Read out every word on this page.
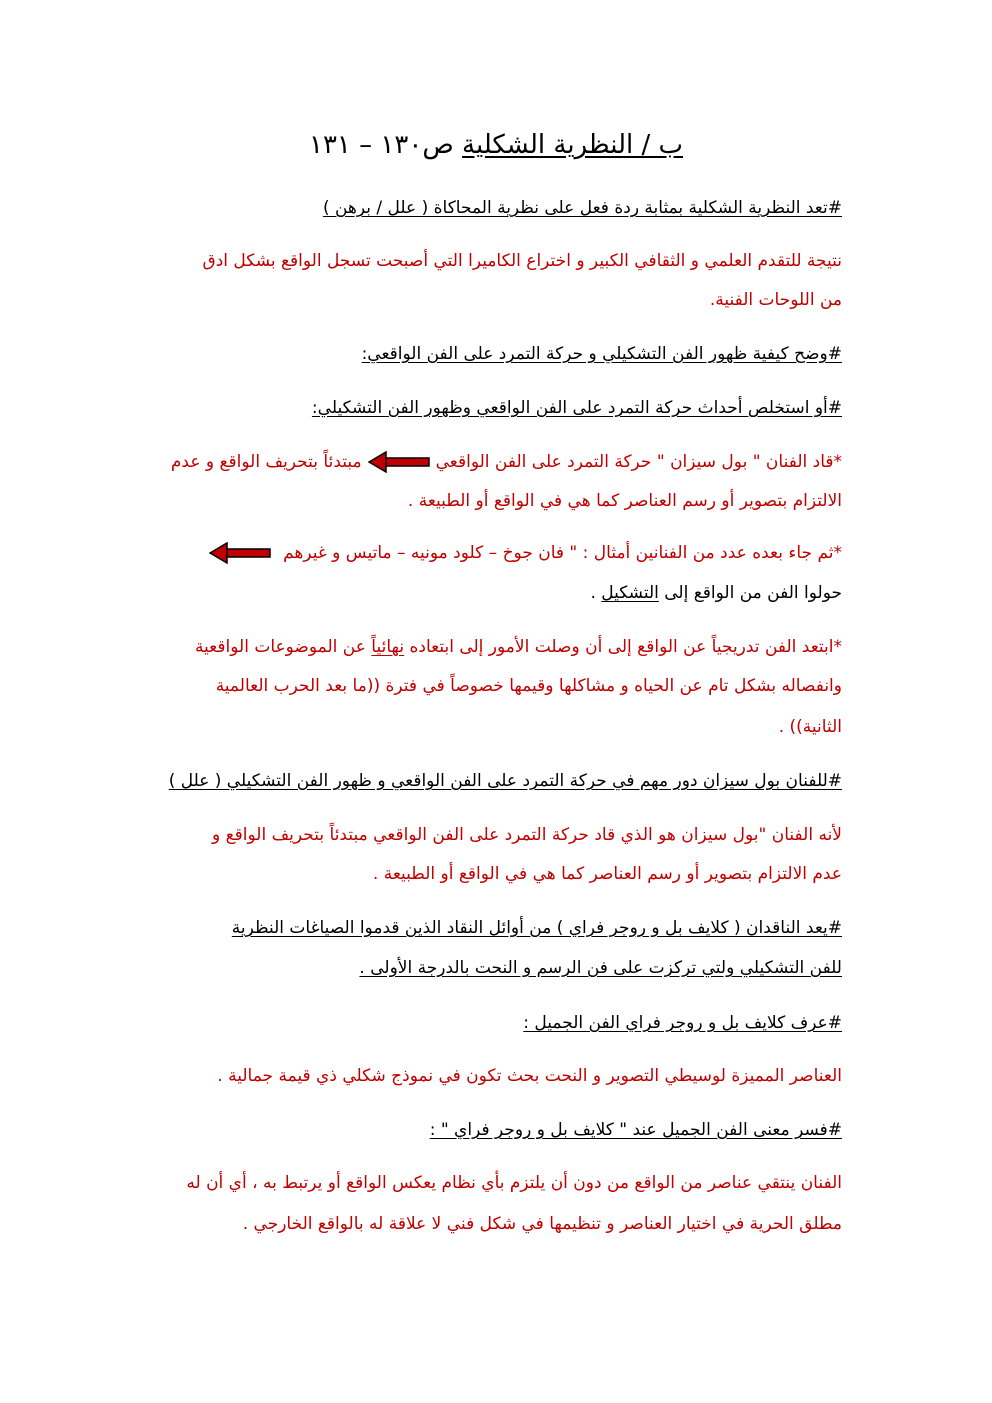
ب / النظرية الشكلية ص١٣٠ – ١٣١
#تعد النظرية الشكلية بمثابة ردة فعل على نظرية المحاكاة ( علل / برهن )
نتيجة للتقدم العلمي و الثقافي الكبير و اختراع الكاميرا التي أصبحت تسجل الواقع بشكل ادق
من اللوحات الفنية.
#وضح كيفية ظهور الفن التشكيلي و حركة التمرد على الفن الواقعي:
#أو استخلص أحداث حركة التمرد على الفن الواقعي وظهور الفن التشكيلي:
*قاد الفنان " بول سيزان " حركة التمرد على الفن الواقعي
مبتدئاً بتحريف الواقع و عدم
الالتزام بتصوير أو رسم العناصر كما هي في الواقع أو الطبيعة .
*ثم جاء بعده عدد من الفنانين أمثال : " فان جوخ – كلود مونيه – ماتيس و غيرهم
حولوا الفن من الواقع إلى التشكيل .
*ابتعد الفن تدريجياً عن الواقع إلى أن وصلت الأمور إلى ابتعاده نهائياً عن الموضوعات الواقعية
وانفصاله بشكل تام عن الحياه و مشاكلها وقيمها خصوصاً في فترة ((ما بعد الحرب العالمية
الثانية)) .
#للفنان بول سيزان دور مهم في حركة التمرد على الفن الواقعي و ظهور الفن التشكيلي ( علل )
لأنه الفنان "بول سيزان هو الذي قاد حركة التمرد على الفن الواقعي مبتدئاً بتحريف الواقع و
عدم الالتزام بتصوير أو رسم العناصر كما هي في الواقع أو الطبيعة .
#يعد الناقدان ( كلايف بل و روجر فراي ) من أوائل النقاد الذين قدموا الصياغات النظرية
للفن التشكيلي ولتي تركزت على فن الرسم و النحت بالدرجة الأولى .
#عرف كلايف بل و روجر فراي الفن الجميل :
العناصر المميزة لوسيطي التصوير و النحت بحث تكون في نموذج شكلي ذي قيمة جمالية .
#فسر معنى الفن الجميل عند " كلايف بل و روجر فراي " :
الفنان ينتقي عناصر من الواقع من دون أن يلتزم بأي نظام يعكس الواقع أو يرتبط به ، أي أن له
مطلق الحرية في اختيار العناصر و تنظيمها في شكل فني لا علاقة له بالواقع الخارجي .
